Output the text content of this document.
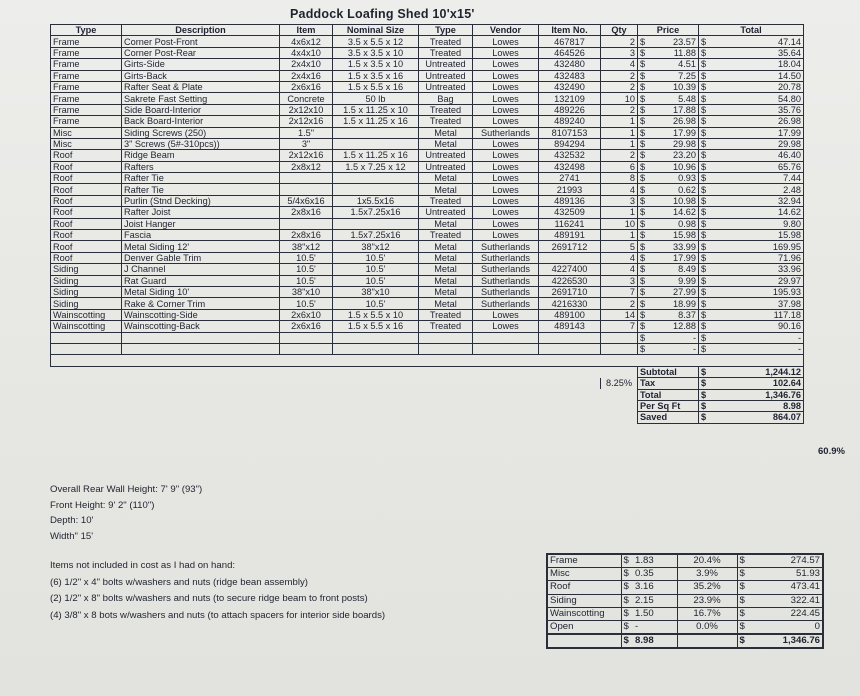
Paddock Loafing Shed 10'x15'
Type	Description	Item	Nominal Size	Type	Vendor	Item No.	Qty	Price		Total	
Frame	Corner Post-Front	4x6x12	3.5 x 5.5 x 12	Treated	Lowes	467817	2	$	23.57	$	47.14
Frame	Corner Post-Rear	4x4x10	3.5 x 3.5 x 10	Treated	Lowes	464526	3	$	11.88	$	35.64
Frame	Girts-Side	2x4x10	1.5 x 3.5 x 10	Untreated	Lowes	432480	4	$	4.51	$	18.04
Frame	Girts-Back	2x4x16	1.5 x 3.5 x 16	Untreated	Lowes	432483	2	$	7.25	$	14.50
Frame	Rafter Seat & Plate	2x6x16	1.5 x 5.5 x 16	Untreated	Lowes	432490	2	$	10.39	$	20.78
Frame	Sakrete Fast Setting	Concrete	50 lb	Bag	Lowes	132109	10	$	5.48	$	54.80
Frame	Side Board-Interior	2x12x10	1.5 x 11.25 x 10	Treated	Lowes	489226	2	$	17.88	$	35.76
Frame	Back Board-Interior	2x12x16	1.5 x 11.25 x 16	Treated	Lowes	489240	1	$	26.98	$	26.98
Misc	Siding Screws (250)	1.5"		Metal	Sutherlands	8107153	1	$	17.99	$	17.99
Misc	3" Screws (5#-310pcs))	3"		Metal	Lowes	894294	1	$	29.98	$	29.98
Roof	Ridge Beam	2x12x16	1.5 x 11.25 x 16	Untreated	Lowes	432532	2	$	23.20	$	46.40
Roof	Rafters	2x8x12	1.5 x 7.25 x 12	Untreated	Lowes	432498	6	$	10.96	$	65.76
Roof	Rafter Tie			Metal	Lowes	2741	8	$	0.93	$	7.44
Roof	Rafter Tie			Metal	Lowes	21993	4	$	0.62	$	2.48
Roof	Purlin (Stnd Decking)	5/4x6x16	1x5.5x16	Treated	Lowes	489136	3	$	10.98	$	32.94
Roof	Rafter Joist	2x8x16	1.5x7.25x16	Untreated	Lowes	432509	1	$	14.62	$	14.62
Roof	Joist Hanger			Metal	Lowes	116241	10	$	0.98	$	9.80
Roof	Fascia	2x8x16	1.5x7.25x16	Treated	Lowes	489191	1	$	15.98	$	15.98
Roof	Metal Siding 12'	38"x12	38"x12	Metal	Sutherlands	2691712	5	$	33.99	$	169.95
Roof	Denver Gable Trim	10.5'	10.5'	Metal	Sutherlands		4	$	17.99	$	71.96
Siding	J Channel	10.5'	10.5'	Metal	Sutherlands	4227400	4	$	8.49	$	33.96
Siding	Rat Guard	10.5'	10.5'	Metal	Sutherlands	4226530	3	$	9.99	$	29.97
Siding	Metal Siding 10'	38"x10	38"x10	Metal	Sutherlands	2691710	7	$	27.99	$	195.93
Siding	Rake & Corner Trim	10.5'	10.5'	Metal	Sutherlands	4216330	2	$	18.99	$	37.98
Wainscotting	Wainscotting-Side	2x6x10	1.5 x 5.5 x 10	Treated	Lowes	489100	14	$	8.37	$	117.18
Wainscotting	Wainscotting-Back	2x6x16	1.5 x 5.5 x 16	Treated	Lowes	489143	7	$	12.88	$	90.16
								$	-	$	-
								$	-	$	-

								Subtotal		$	1,244.12
							8.25%	Tax		$	102.64
								Total		$	1,346.76
								Per Sq Ft		$	8.98
								Saved		$	864.07
60.9%
Overall Rear Wall Height: 7' 9" (93")
Front Height: 9' 2" (110")
Depth: 10'
Width" 15'
Items not included in cost as I had on hand:
(6) 1/2" x 4" bolts w/washers and nuts (ridge bean assembly)
(2) 1/2" x 8" bolts w/washers and nuts (to secure ridge beam to front posts)
(4) 3/8" x 8 bots w/washers and nuts (to attach spacers for interior side boards)
Frame	$	1.83	20.4%	$	274.57
Misc	$	0.35	3.9%	$	51.93
Roof	$	3.16	35.2%	$	473.41
Siding	$	2.15	23.9%	$	322.41
Wainscotting	$	1.50	16.7%	$	224.45
Open	$	-	0.0%	$	0
	$	8.98		$	1,346.76
